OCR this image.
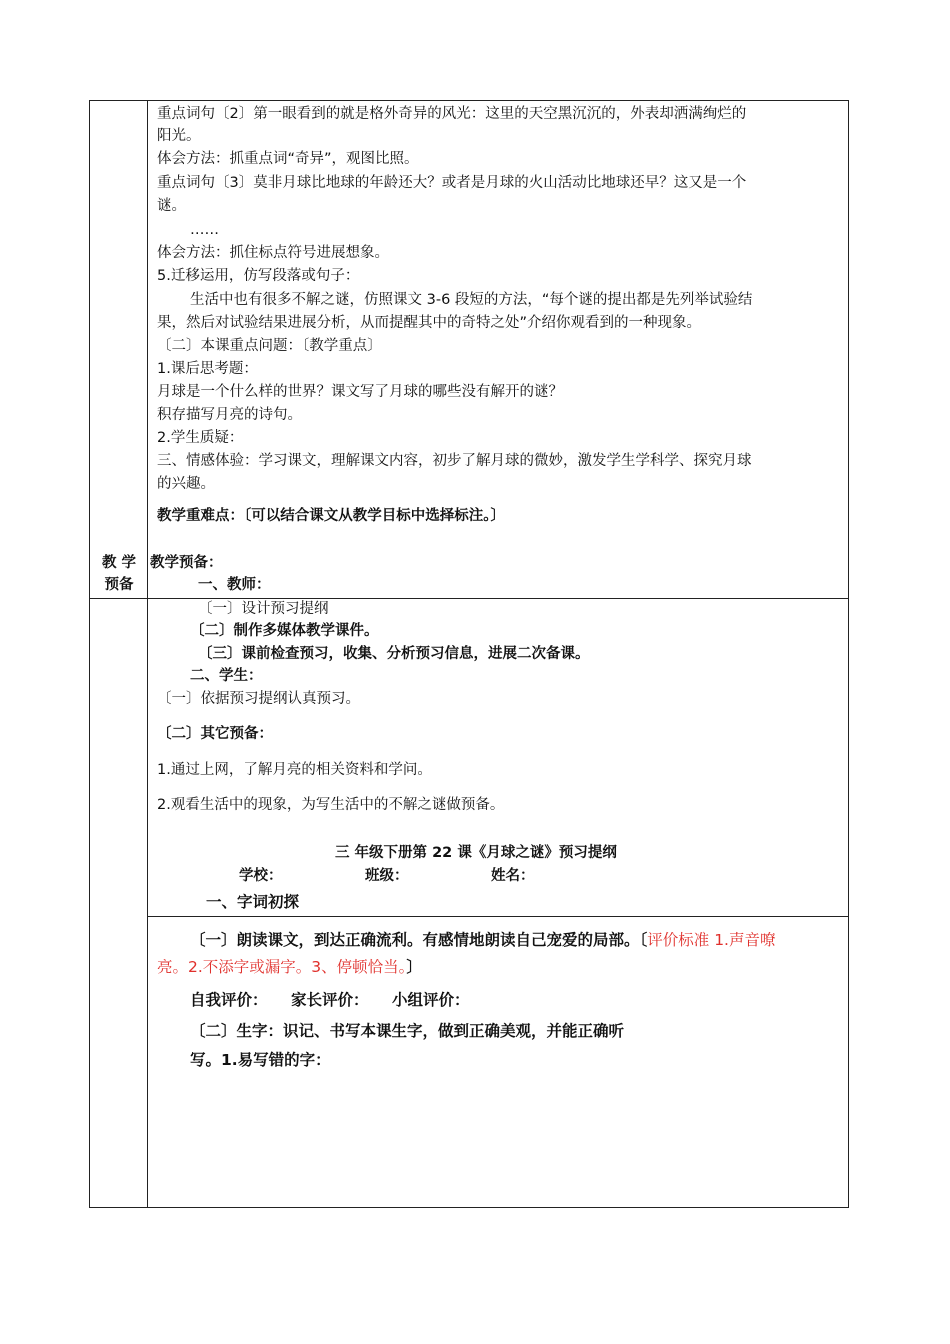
重点词句〔2〕第一眼看到的就是格外奇异的风光：这里的天空黑沉沉的，外表却洒满绚烂的
阳光。
体会方法：抓重点词“奇异”，观图比照。
重点词句〔3〕莫非月球比地球的年龄还大？或者是月球的火山活动比地球还早？这又是一个
谜。
……
体会方法：抓住标点符号进展想象。
5.迁移运用，仿写段落或句子：
生活中也有很多不解之谜，仿照课文 3-6 段短的方法，“每个谜的提出都是先列举试验结
果，然后对试验结果进展分析，从而提醒其中的奇特之处”介绍你观看到的一种现象。
〔二〕本课重点问题：〔教学重点〕
1.课后思考题：
月球是一个什么样的世界？课文写了月球的哪些没有解开的谜？
积存描写月亮的诗句。
2.学生质疑：
三、情感体验：学习课文，理解课文内容，初步了解月球的微妙，激发学生学科学、探究月球
的兴趣。
教学重难点：〔可以结合课文从教学目标中选择标注。〕
教 学
预备
教学预备：
一、教师：
〔一〕设计预习提纲
〔二〕制作多媒体教学课件。
〔三〕课前检查预习，收集、分析预习信息，进展二次备课。
二、学生：
〔一〕依据预习提纲认真预习。
〔二〕其它预备：
1.通过上网，了解月亮的相关资料和学问。
2.观看生活中的现象，为写生活中的不解之谜做预备。
三 年级下册第 22 课《月球之谜》预习提纲
学校：	班级：	姓名：
一、字词初探
〔一〕朗读课文，到达正确流利。有感情地朗读自己宠爱的局部。〔评价标准 1.声音嘹
亮。2.不添字或漏字。3、停顿恰当。〕
自我评价： 家长评价： 小组评价：
〔二〕生字：识记、书写本课生字，做到正确美观，并能正确听
写。1.易写错的字：
